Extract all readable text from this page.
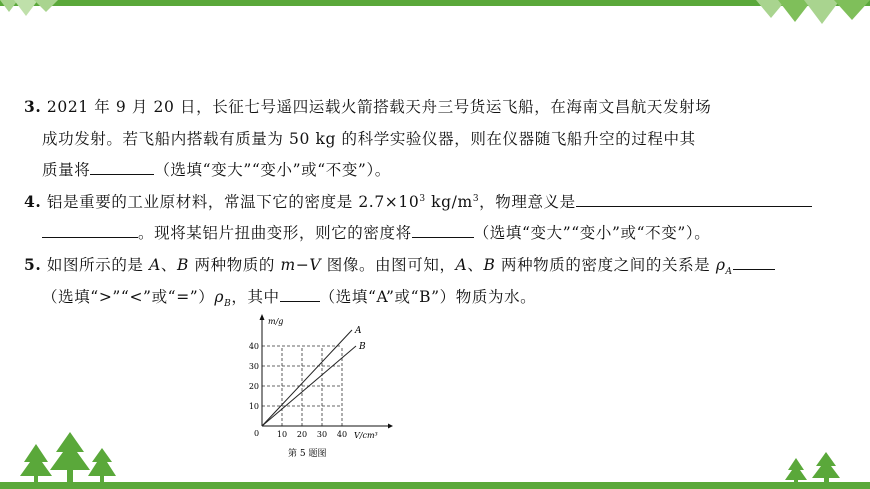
3. 2021 年 9 月 20 日，长征七号遥四运载火箭搭载天舟三号货运飞船，在海南文昌航天发射场
成功发射。若飞船内搭载有质量为 50 kg 的科学实验仪器，则在仪器随飞船升空的过程中其
质量将	（选填“变大”“变小”或“不变”）。
4. 铝是重要的工业原材料，常温下它的密度是 $2.7\times 10^3$ $kg/m^3$，物理意义是
。现将某铝片扭曲变形，则它的密度将	（选填“变大”“变小”或“不变”）。
5. 如图所示的是 A、B 两种物质的 m−V 图像。由图可知，A、B 两种物质的密度之间的关系是 $\rho_A$
（选填“>”“<”或“$=”)\rho_B$，其中	（选填“A”或“B”）物质为水。
10 20 30 40
10
20
30
40
A
B
m/g
V/cm³
0
第 5 题图
